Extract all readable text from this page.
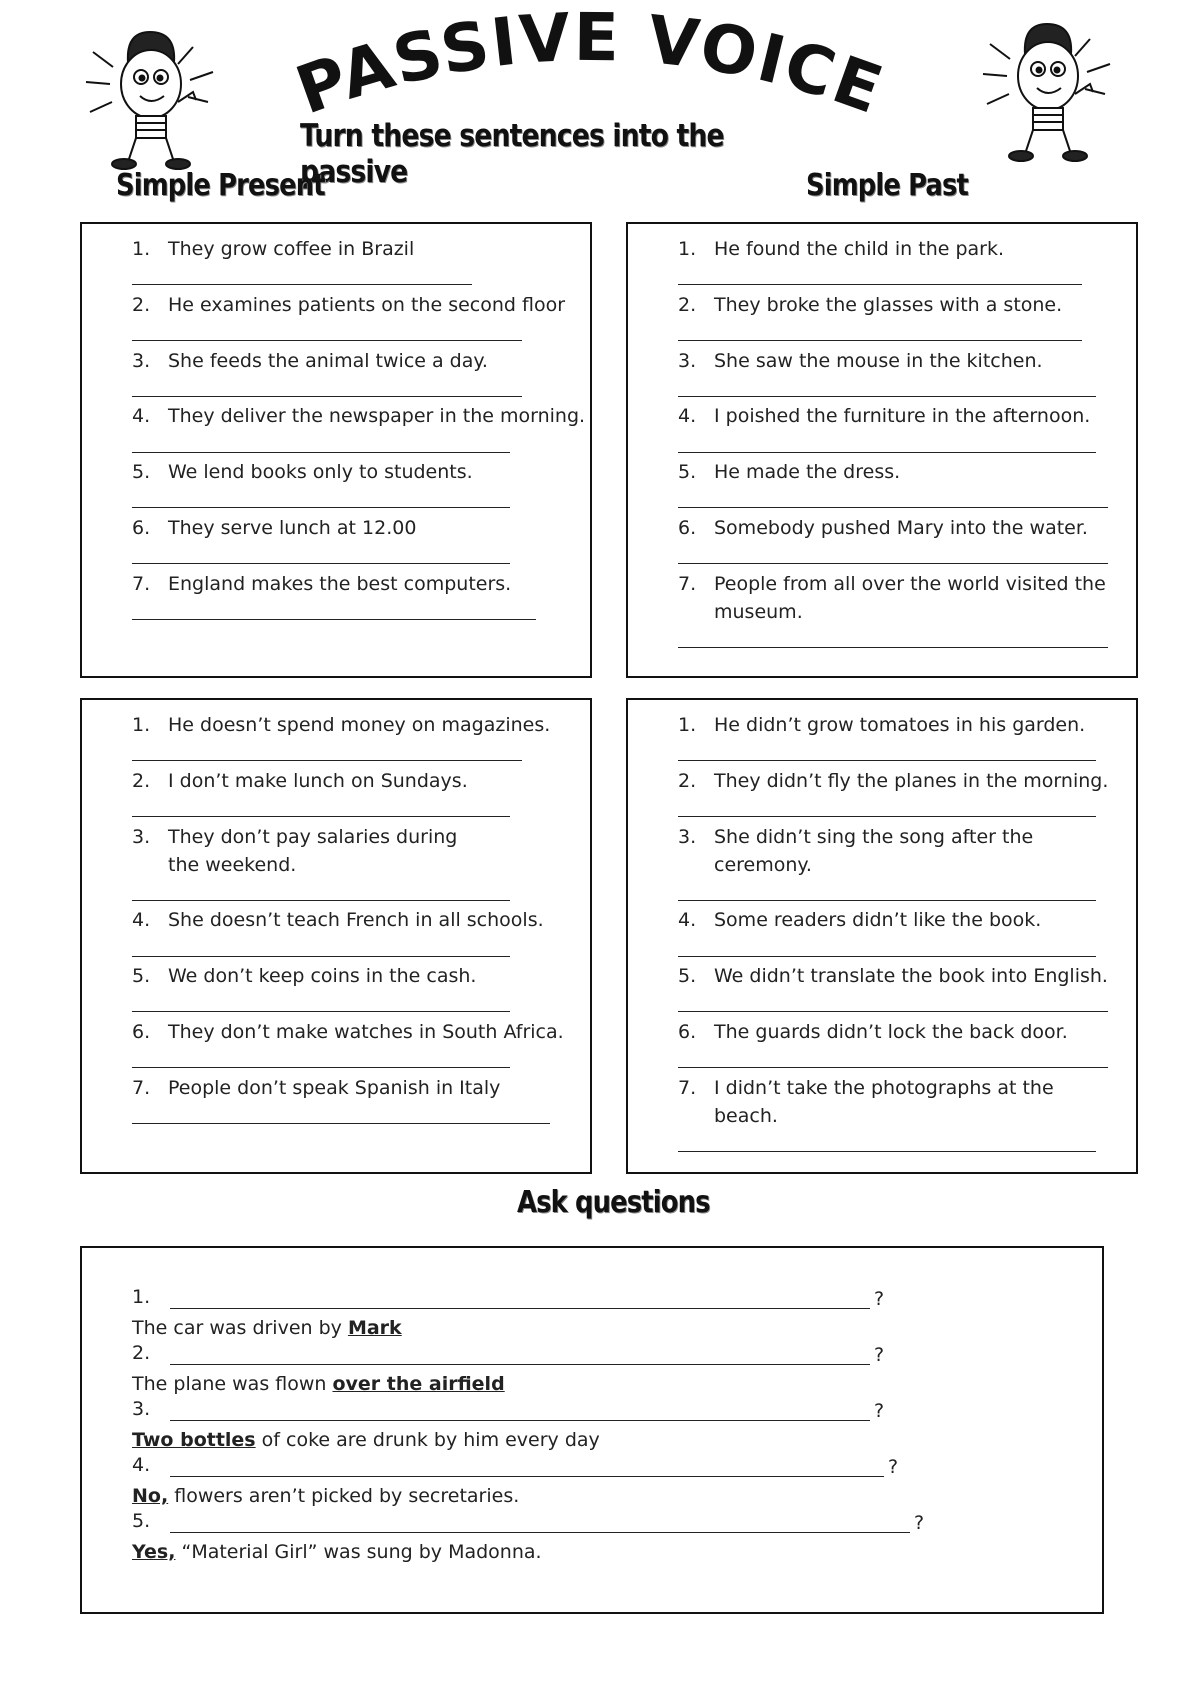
PASSIVE VOICE
Turn these sentences into the passive
Simple Present	Simple Past
1. They grow coffee in Brazil
2. He examines patients on the second floor
3. She feeds the animal twice a day.
4. They deliver the newspaper in the morning.
5. We lend books only to students.
6. They serve lunch at 12.00
7. England makes the best computers.
1. He found the child in the park.
2. They broke the glasses with a stone.
3. She saw the mouse in the kitchen.
4. I poished the furniture in the afternoon.
5. He made the dress.
6. Somebody pushed Mary into the water.
7. People from all over the world visited the museum.
1. He doesn’t spend money on magazines.
2. I don’t make lunch on Sundays.
3. They don’t pay salaries during the weekend.
4. She doesn’t teach French in all schools.
5. We don’t keep coins in the cash.
6. They don’t make watches in South Africa.
7. People don’t speak Spanish in Italy
1. He didn’t grow tomatoes in his garden.
2. They didn’t fly the planes in the morning.
3. She didn’t sing the song after the ceremony.
4. Some readers didn’t like the book.
5. We didn’t translate the book into English.
6. The guards didn’t lock the back door.
7. I didn’t take the photographs at the beach.
Ask questions
1.	?
The car was driven by Mark
2.	?
The plane was flown over the airfield
3.	?
Two bottles of coke are drunk by him every day
4.	?
No, flowers aren’t picked by secretaries.
5.	?
Yes, “Material Girl” was sung by Madonna.
